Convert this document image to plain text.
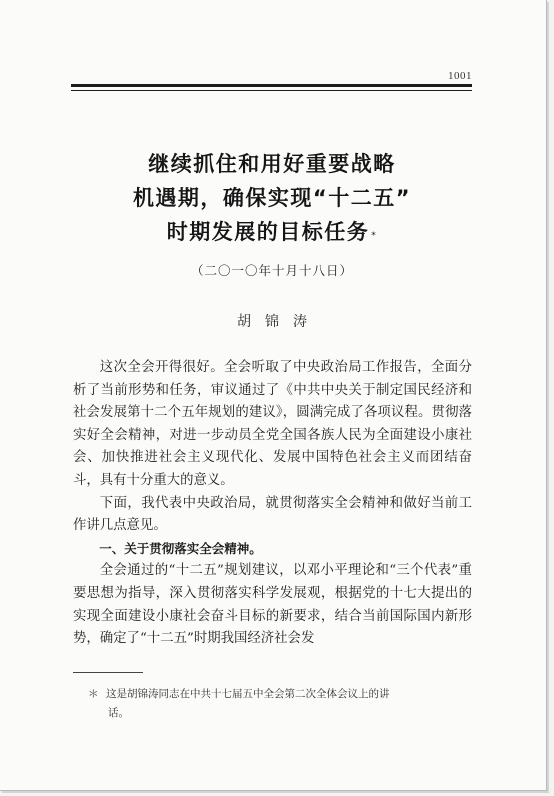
1001
继续抓住和用好重要战略
机遇期，确保实现“十二五”
时期发展的目标任务 *
（二〇一〇年十月十八日）
胡锦涛

这次全会开得很好。全会听取了中央政治局工作报告，全面分析了当前形势和任务，审议通过了《中共中央关于制定国民经济和社会发展第十二个五年规划的建议》，圆满完成了各项议程。贯彻落实好全会精神，对进一步动员全党全国各族人民为全面建设小康社会、加快推进社会主义现代化、发展中国特色社会主义而团结奋斗，具有十分重大的意义。

下面，我代表中央政治局，就贯彻落实全会精神和做好当前工作讲几点意见。

一、关于贯彻落实全会精神。

全会通过的“十二五”规划建议，以邓小平理论和“三个代表”重要思想为指导，深入贯彻落实科学发展观，根据党的十七大提出的实现全面建设小康社会奋斗目标的新要求，结合当前国际国内新形势，确定了“十二五”时期我国经济社会发

＊ 这是胡锦涛同志在中共十七届五中全会第二次全体会议上的讲
话。
